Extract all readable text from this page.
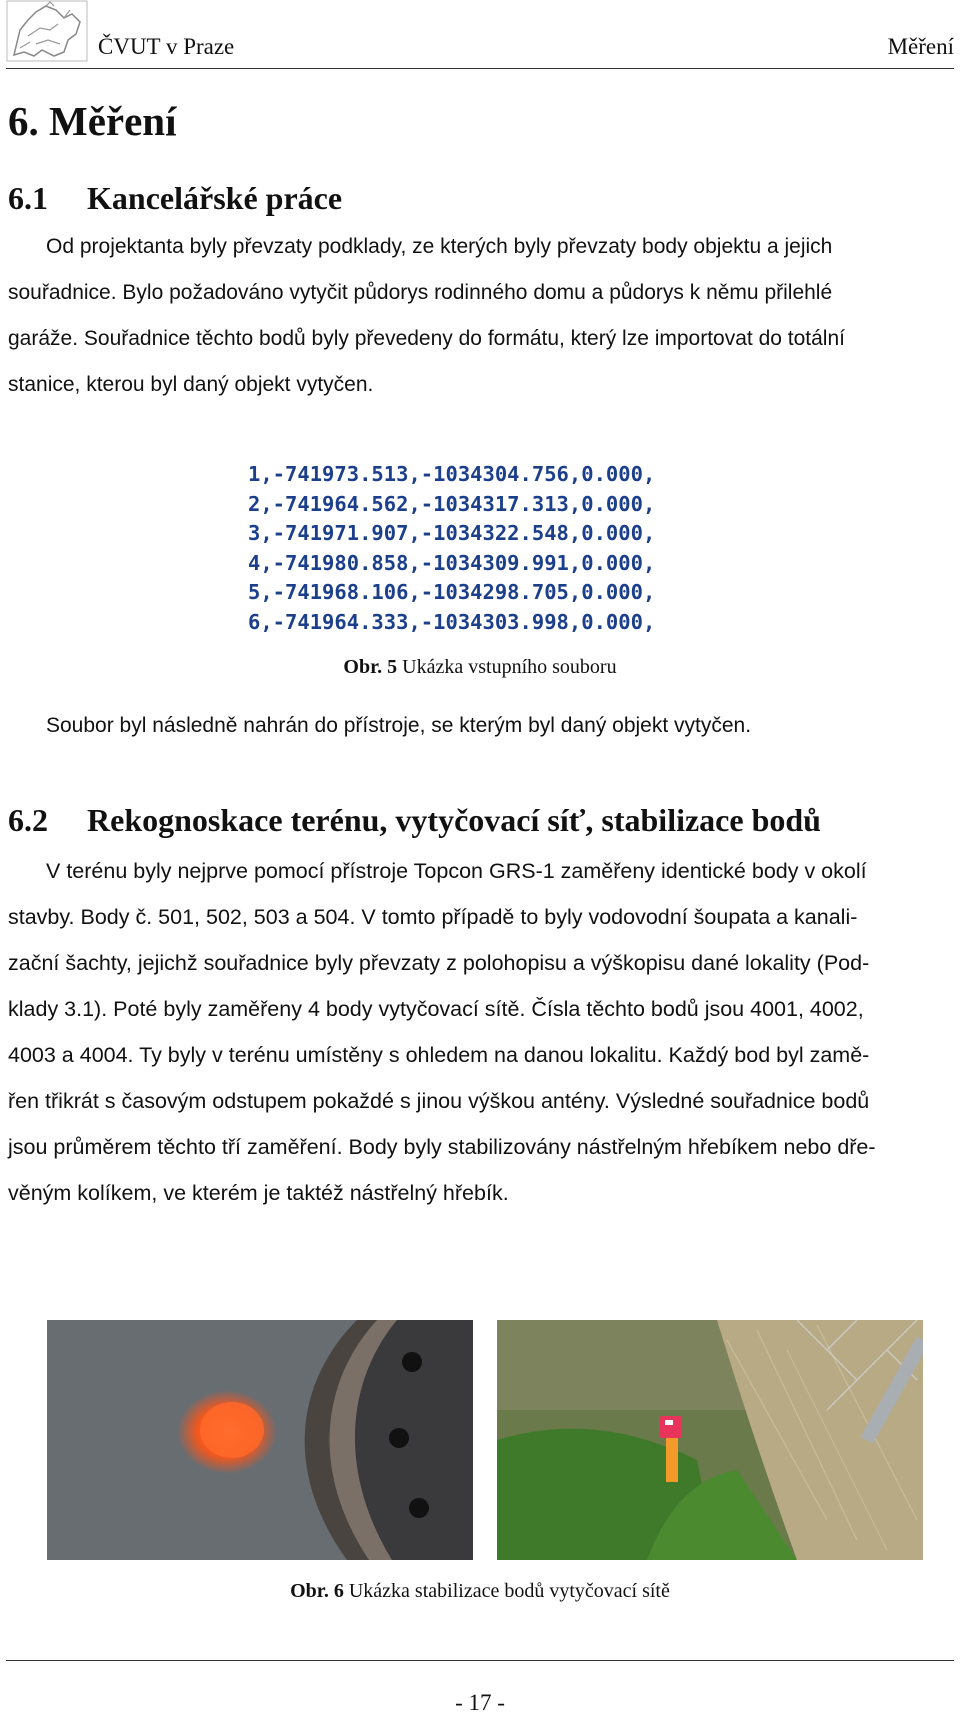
ČVUT v Praze	Měření
6. Měření
6.1 Kancelářské práce
Od projektanta byly převzaty podklady, ze kterých byly převzaty body objektu a jejich
souřadnice. Bylo požadováno vytyčit půdorys rodinného domu a půdorys k němu přilehlé
garáže. Souřadnice těchto bodů byly převedeny do formátu, který lze importovat do totální
stanice, kterou byl daný objekt vytyčen.
1,-741973.513,-1034304.756,0.000,
2,-741964.562,-1034317.313,0.000,
3,-741971.907,-1034322.548,0.000,
4,-741980.858,-1034309.991,0.000,
5,-741968.106,-1034298.705,0.000,
6,-741964.333,-1034303.998,0.000,
Obr. 5 Ukázka vstupního souboru
Soubor byl následně nahrán do přístroje, se kterým byl daný objekt vytyčen.
6.2 Rekognoskace terénu, vytyčovací síť, stabilizace bodů
V terénu byly nejprve pomocí přístroje Topcon GRS-1 zaměřeny identické body v okolí
stavby. Body č. 501, 502, 503 a 504. V tomto případě to byly vodovodní šoupata a kanali-
zační šachty, jejichž souřadnice byly převzaty z polohopisu a výškopisu dané lokality (Pod-
klady 3.1). Poté byly zaměřeny 4 body vytyčovací sítě. Čísla těchto bodů jsou 4001, 4002,
4003 a 4004. Ty byly v terénu umístěny s ohledem na danou lokalitu. Každý bod byl zamě-
řen třikrát s časovým odstupem pokaždé s jinou výškou antény. Výsledné souřadnice bodů
jsou průměrem těchto tří zaměření. Body byly stabilizovány nástřelným hřebíkem nebo dře-
věným kolíkem, ve kterém je taktéž nástřelný hřebík.
Obr. 6 Ukázka stabilizace bodů vytyčovací sítě
- 17 -
